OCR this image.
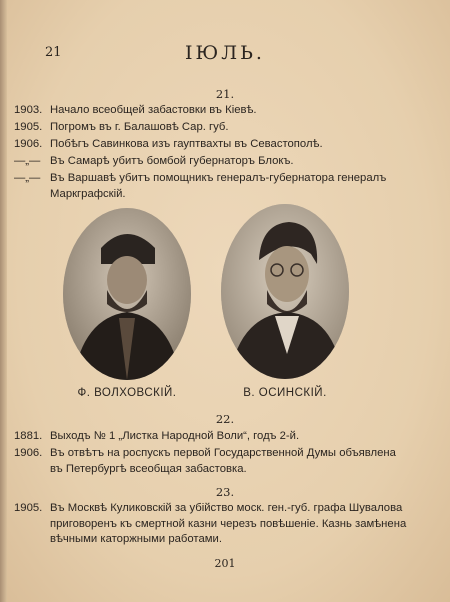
21	ІЮЛЬ.
21.
1903. Начало всеобщей забастовки въ Кіевѣ.
1905. Погромъ въ г. Балашовѣ Сар. губ.
1906. Побѣгъ Савинкова изъ гауптвахты въ Севастополѣ.
—„— Въ Самарѣ убитъ бомбой губернаторъ Блокъ.
—„— Въ Варшавѣ убитъ помощникъ генералъ-губернатора генералъ Маркграфскій.
Ф. ВОЛХОВСКІЙ.	В. ОСИНСКІЙ.
22.
1881. Выходъ № 1 „Листка Народной Воли“, годъ 2-й.
1906. Въ отвѣтъ на роспускъ первой Государственной Думы объявлена въ Петербургѣ всеобщая забастовка.
23.
1905. Въ Москвѣ Куликовскій за убійство моск. ген.-губ. графа Шувалова приговоренъ къ смертной казни черезъ повѣшеніе. Казнь замѣнена вѣчными каторжными работами.
201
